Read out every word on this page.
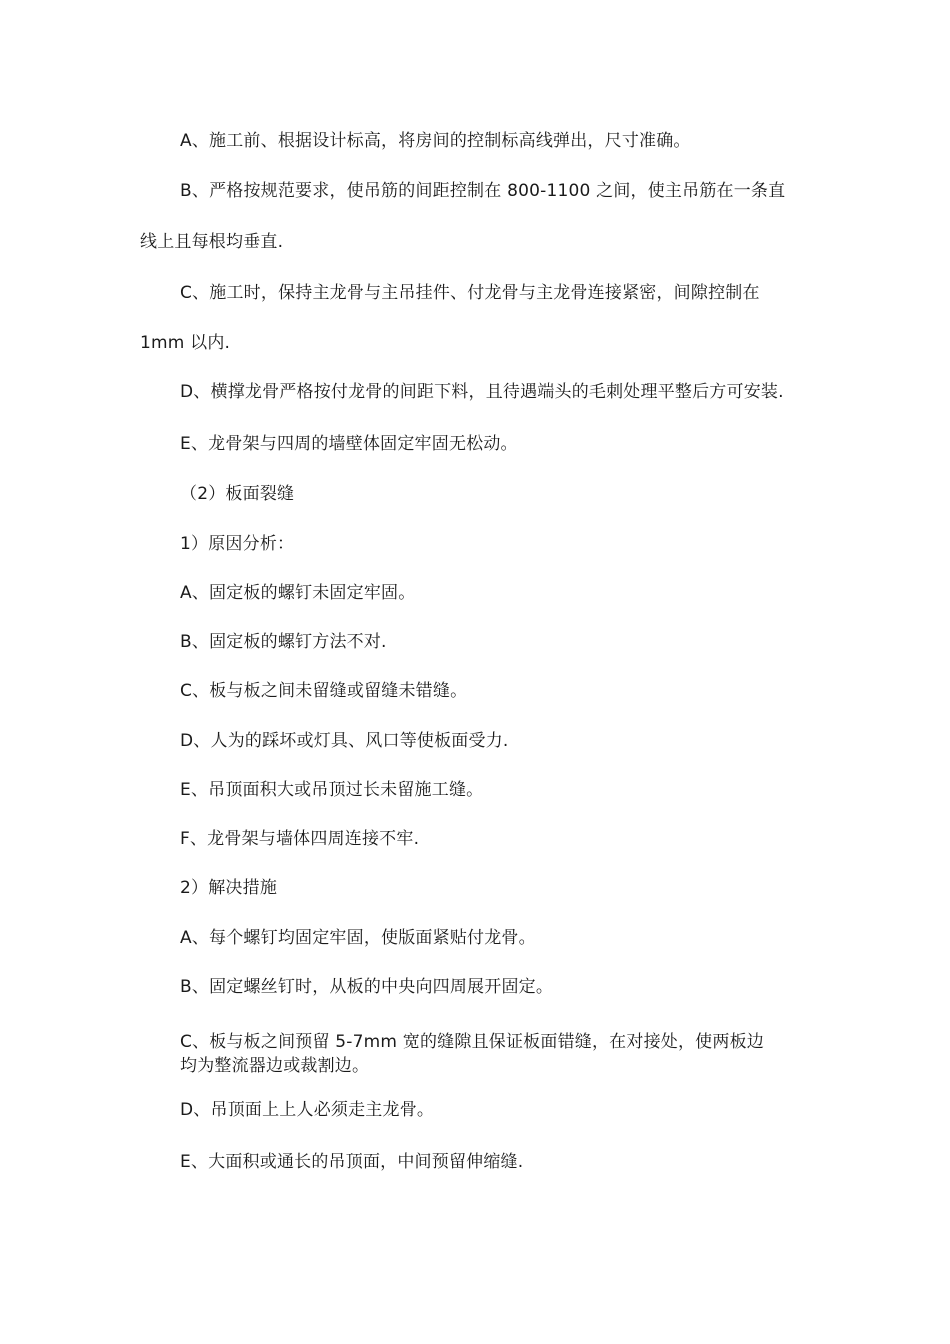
A、施工前、根据设计标高，将房间的控制标高线弹出，尺寸准确。
B、严格按规范要求，使吊筋的间距控制在 800-1100 之间，使主吊筋在一条直
线上且每根均垂直.
C、施工时，保持主龙骨与主吊挂件、付龙骨与主龙骨连接紧密，间隙控制在
1mm 以内.
D、横撑龙骨严格按付龙骨的间距下料，且待遇端头的毛刺处理平整后方可安装.
E、龙骨架与四周的墙壁体固定牢固无松动。
（2）板面裂缝
1）原因分析：
A、固定板的螺钉未固定牢固。
B、固定板的螺钉方法不对.
C、板与板之间未留缝或留缝未错缝。
D、人为的踩坏或灯具、风口等使板面受力.
E、吊顶面积大或吊顶过长未留施工缝。
F、龙骨架与墙体四周连接不牢.
2）解决措施
A、每个螺钉均固定牢固，使版面紧贴付龙骨。
B、固定螺丝钉时，从板的中央向四周展开固定。
C、板与板之间预留 5-7mm 宽的缝隙且保证板面错缝，在对接处，使两板边
均为整流器边或裁割边。
D、吊顶面上上人必须走主龙骨。
E、大面积或通长的吊顶面，中间预留伸缩缝.
